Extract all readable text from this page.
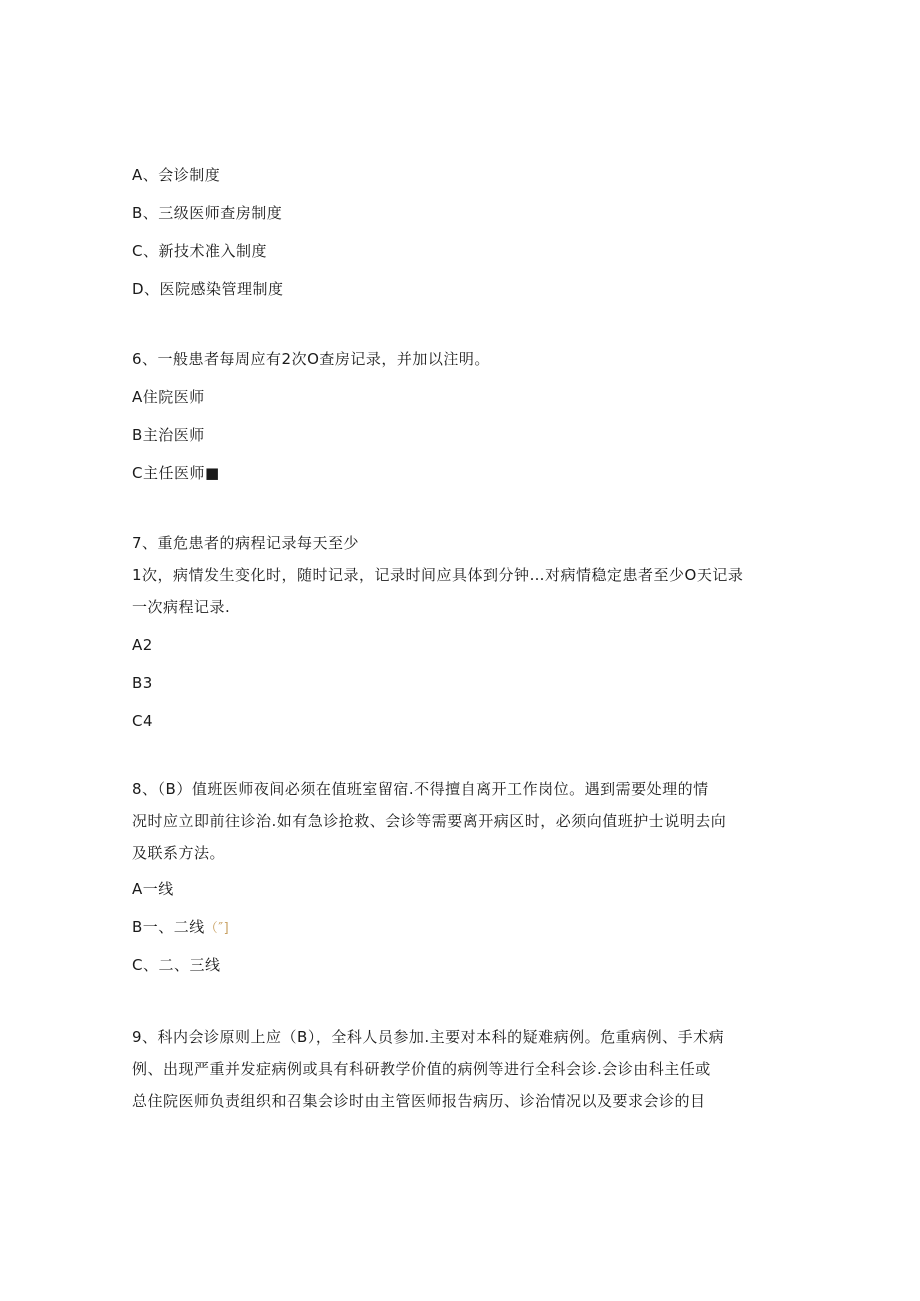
A、会诊制度
B、三级医师查房制度
C、新技术准入制度
D、医院感染管理制度
6、一般患者每周应有2次O查房记录，并加以注明。
A住院医师
B主治医师
C主任医师■
7、重危患者的病程记录每天至少
1次，病情发生变化时，随时记录，记录时间应具体到分钟…对病情稳定患者至少O天记录
一次病程记录.
A2
B3
C4
8、（B）值班医师夜间必须在值班室留宿.不得擅自离开工作岗位。遇到需要处理的情
况时应立即前往诊治.如有急诊抢救、会诊等需要离开病区时，必须向值班护士说明去向
及联系方法。
A一线
B一、二线（″]
C、二、三线
9、科内会诊原则上应（B），全科人员参加.主要对本科的疑难病例。危重病例、手术病
例、出现严重并发症病例或具有科研教学价值的病例等进行全科会诊.会诊由科主任或
总住院医师负责组织和召集会诊时由主管医师报告病历、诊治情况以及要求会诊的目
